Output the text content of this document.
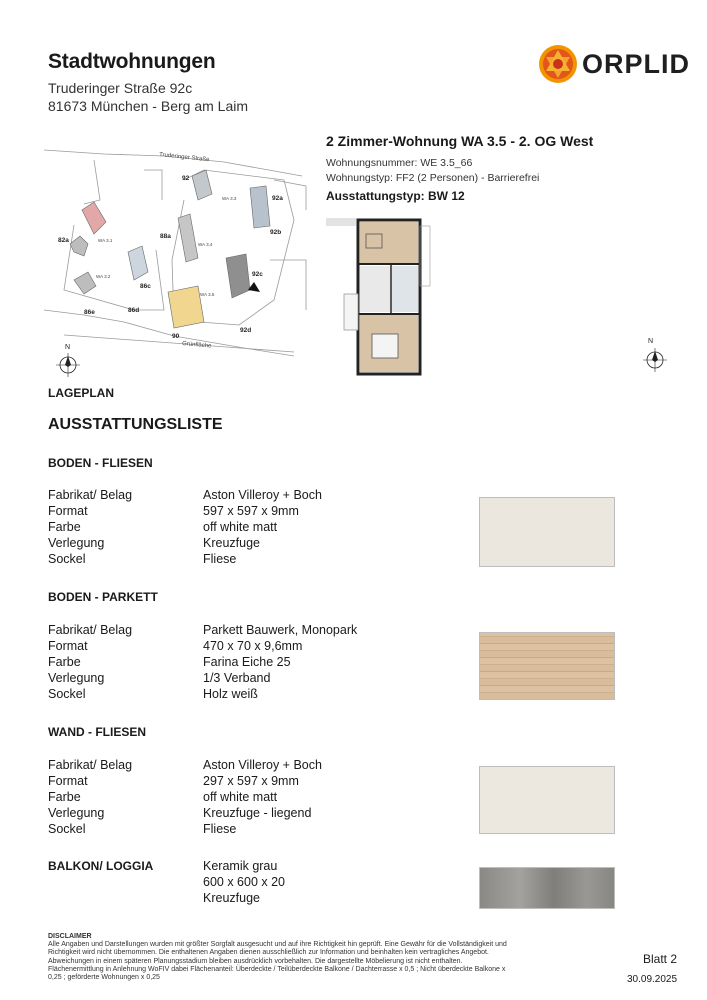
Stadtwohnungen
Truderinger Straße 92c
81673 München - Berg am Laim
ORPLID
2 Zimmer-Wohnung WA 3.5 - 2. OG West
Wohnungsnummer: WE 3.5_66
Wohnungstyp: FF2 (2 Personen) - Barrierefrei
Ausstattungstyp: BW 12
Truderinger Straße
Grünfläche
92
92a
92b
92c
92d
88a
86c
86d
86e
90
82a	WA 3.1
WA 3.2
WA 3.3
WA 3.4
WA 3.5
N
N
LAGEPLAN
AUSSTATTUNGSLISTE
BODEN - FLIESEN
Fabrikat/ Belag	Aston Villeroy + Boch
Format	597 x 597 x 9mm
Farbe	off white matt
Verlegung	Kreuzfuge
Sockel	Fliese
BODEN - PARKETT
Fabrikat/ Belag	Parkett Bauwerk, Monopark
Format	470 x 70 x 9,6mm
Farbe	Farina Eiche 25
Verlegung	1/3 Verband
Sockel	Holz weiß
WAND - FLIESEN
Fabrikat/ Belag	Aston Villeroy + Boch
Format	297 x 597 x 9mm
Farbe	off white matt
Verlegung	Kreuzfuge - liegend
Sockel	Fliese
BALKON/ LOGGIA	Keramik grau
600 x 600 x 20
Kreuzfuge
DISCLAIMER
Alle Angaben und Darstellungen wurden mit größter Sorgfalt ausgesucht und auf ihre Richtigkeit hin geprüft. Eine Gewähr für die Vollständigkeit und Richtigkeit wird nicht übernommen. Die enthaltenen Angaben dienen ausschließlich zur Information und beinhalten kein vertragliches Angebot. Abweichungen in einem späteren Planungsstadium bleiben ausdrücklich vorbehalten. Die dargestellte Möbelierung ist nicht enthalten. Flächenermittlung in Anlehnung WoFIV dabei Flächenanteil: Überdeckte / Teilüberdeckte Balkone / Dachterrasse x 0,5 ; Nicht überdeckte Balkone x 0,25 ; geförderte Wohnungen x 0,25
Blatt 2
30.09.2025
